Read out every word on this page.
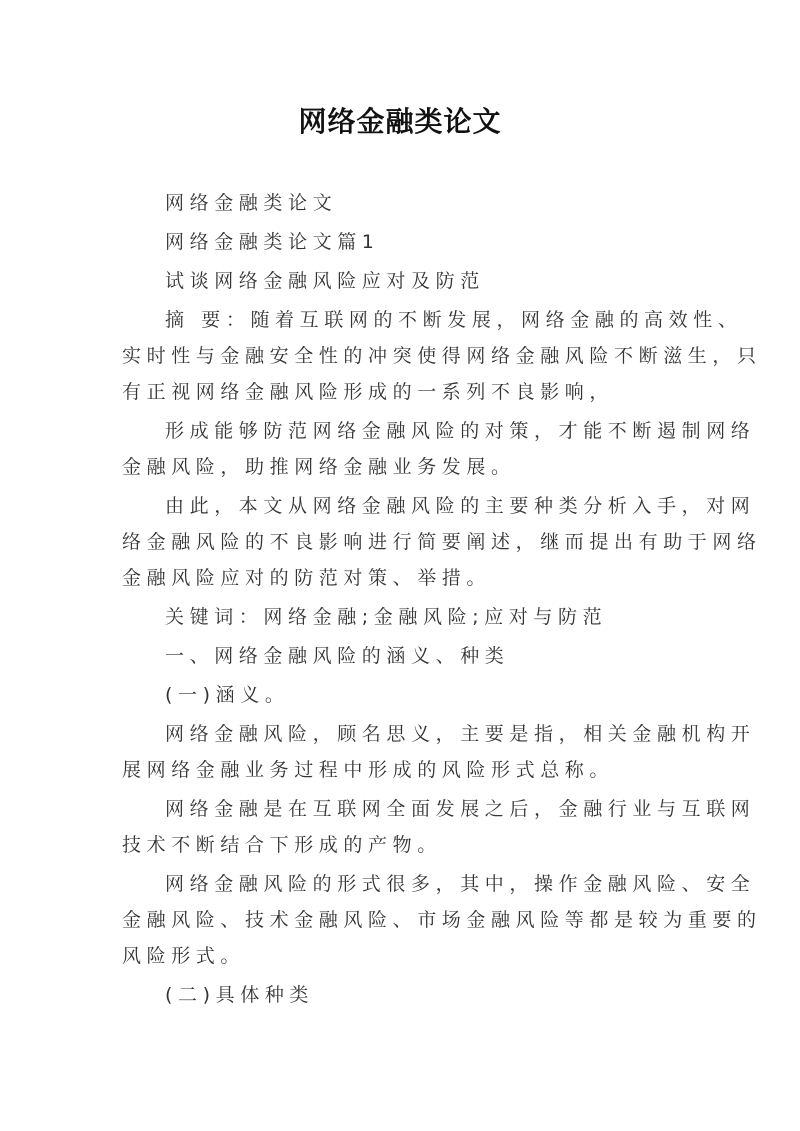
网络金融类论文
网络金融类论文
网络金融类论文篇1
试谈网络金融风险应对及防范
摘 要：随着互联网的不断发展，网络金融的高效性、
实时性与金融安全性的冲突使得网络金融风险不断滋生，只
有正视网络金融风险形成的一系列不良影响，
形成能够防范网络金融风险的对策，才能不断遏制网络
金融风险，助推网络金融业务发展。
由此，本文从网络金融风险的主要种类分析入手，对网
络金融风险的不良影响进行简要阐述，继而提出有助于网络
金融风险应对的防范对策、举措。
关键词：网络金融;金融风险;应对与防范
一、网络金融风险的涵义、种类
(一)涵义。
网络金融风险，顾名思义，主要是指，相关金融机构开
展网络金融业务过程中形成的风险形式总称。
网络金融是在互联网全面发展之后，金融行业与互联网
技术不断结合下形成的产物。
网络金融风险的形式很多，其中，操作金融风险、安全
金融风险、技术金融风险、市场金融风险等都是较为重要的
风险形式。
(二)具体种类
